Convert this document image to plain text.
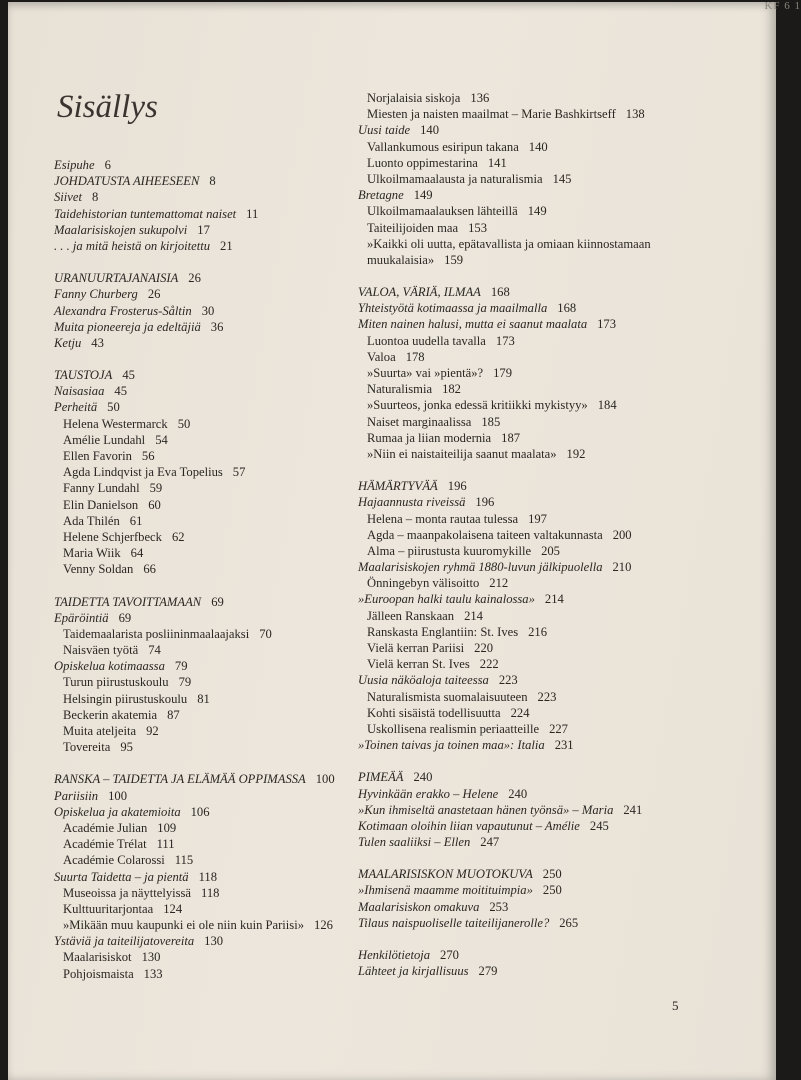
Sisällys
Esipuhe 6
JOHDATUSTA AIHEESEEN 8
Siivet 8
Taidehistorian tuntemattomat naiset 11
Maalarisiskojen sukupolvi 17
. . . ja mitä heistä on kirjoitettu 21
URANUURTAJANAISIA 26
Fanny Churberg 26
Alexandra Frosterus-Såltin 30
Muita pioneereja ja edeltäjiä 36
Ketju 43
TAUSTOJA 45
Naisasiaa 45
Perheitä 50
Helena Westermarck 50
Amélie Lundahl 54
Ellen Favorin 56
Agda Lindqvist ja Eva Topelius 57
Fanny Lundahl 59
Elin Danielson 60
Ada Thilén 61
Helene Schjerfbeck 62
Maria Wiik 64
Venny Soldan 66
TAIDETTA TAVOITTAMAAN 69
Epäröintiä 69
Taidemaalarista posliininmaalaajaksi 70
Naisväen työtä 74
Opiskelua kotimaassa 79
Turun piirustuskoulu 79
Helsingin piirustuskoulu 81
Beckerin akatemia 87
Muita ateljeita 92
Tovereita 95
RANSKA – TAIDETTA JA ELÄMÄÄ OPPIMASSA 100
Pariisiin 100
Opiskelua ja akatemioita 106
Académie Julian 109
Académie Trélat 111
Académie Colarossi 115
Suurta Taidetta – ja pientä 118
Museoissa ja näyttelyissä 118
Kulttuuritarjontaa 124
»Mikään muu kaupunki ei ole niin kuin Pariisi» 126
Ystäviä ja taiteilijatovereita 130
Maalarisiskot 130
Pohjoismaista 133
Norjalaisia siskoja 136
Miesten ja naisten maailmat – Marie Bashkirtseff 138
Uusi taide 140
Vallankumous esiripun takana 140
Luonto oppimestarina 141
Ulkoilmamaalausta ja naturalismia 145
Bretagne 149
Ulkoilmamaalauksen lähteillä 149
Taiteilijoiden maa 153
»Kaikki oli uutta, epätavallista ja omiaan kiinnostamaan
muukalaisia» 159
VALOA, VÄRIÄ, ILMAA 168
Yhteistyötä kotimaassa ja maailmalla 168
Miten nainen halusi, mutta ei saanut maalata 173
Luontoa uudella tavalla 173
Valoa 178
»Suurta» vai »pientä»? 179
Naturalismia 182
»Suurteos, jonka edessä kritiikki mykistyy» 184
Naiset marginaalissa 185
Rumaa ja liian modernia 187
»Niin ei naistaiteilija saanut maalata» 192
HÄMÄRTYVÄÄ 196
Hajaannusta riveissä 196
Helena – monta rautaa tulessa 197
Agda – maanpakolaisena taiteen valtakunnasta 200
Alma – piirustusta kuuromykille 205
Maalarisiskojen ryhmä 1880-luvun jälkipuolella 210
Önningebyn välisoitto 212
»Euroopan halki taulu kainalossa» 214
Jälleen Ranskaan 214
Ranskasta Englantiin: St. Ives 216
Vielä kerran Pariisi 220
Vielä kerran St. Ives 222
Uusia näköaloja taiteessa 223
Naturalismista suomalaisuuteen 223
Kohti sisäistä todellisuutta 224
Uskollisena realismin periaatteille 227
»Toinen taivas ja toinen maa»: Italia 231
PIMEÄÄ 240
Hyvinkään erakko – Helene 240
»Kun ihmiseltä anastetaan hänen työnsä» – Maria 241
Kotimaan oloihin liian vapautunut – Amélie 245
Tulen saaliiksi – Ellen 247
MAALARISISKON MUOTOKUVA 250
»Ihmisenä maamme moitituimpia» 250
Maalarisiskon omakuva 253
Tilaus naispuoliselle taiteilijanerolle? 265
Henkilötietoja 270
Lähteet ja kirjallisuus 279
5
KF 6 1
